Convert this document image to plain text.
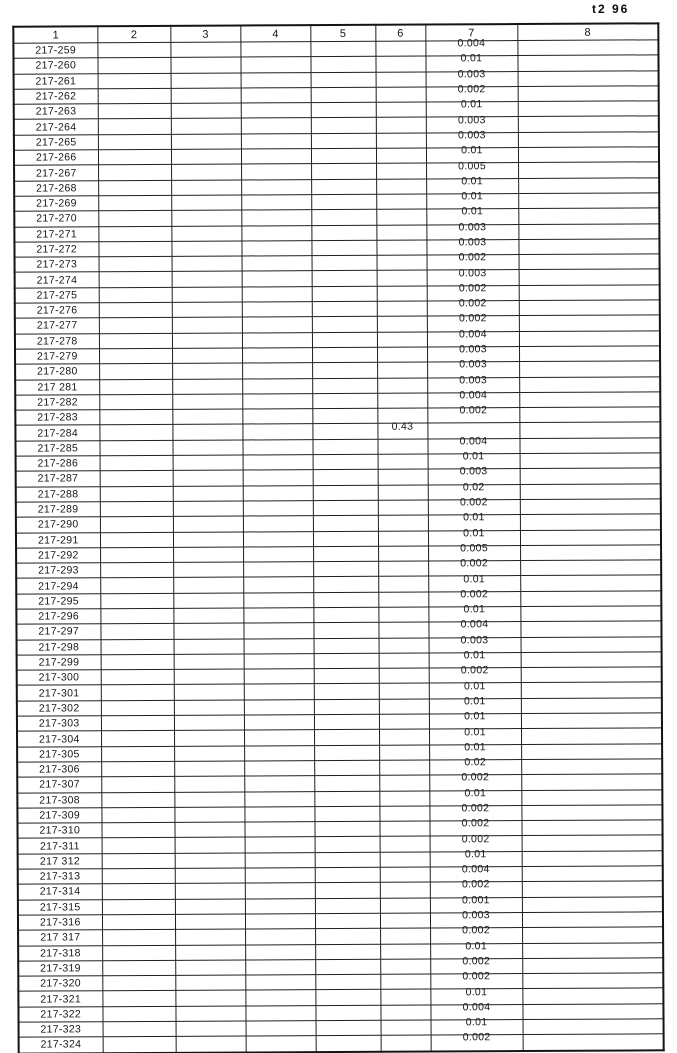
t2 96
1	2	3	4	5	6	7	8
217-259						0.004	

217-260						0.01	

217-261						0.003	

217-262						0.002	

217-263						0.01	

217-264						0.003	

217-265						0.003	

217-266						0.01	

217-267						0.005	

217-268						0.01	

217-269						0.01	

217-270						0.01	

217-271						0.003	

217-272						0.003	

217-273						0.002	

217-274						0.003	

217-275						0.002	

217-276						0.002	

217-277						0.002	

217-278						0.004	

217-279						0.003	

217-280						0.003	

217 281						0.003	

217-282						0.004	

217-283						0.002	

217-284					0.43		

217-285						0.004	

217-286						0.01	

217-287						0.003	

217-288						0.02	

217-289						0.002	

217-290						0.01	

217-291						0.01	

217-292						0.005	

217-293						0.002	

217-294						0.01	

217-295						0.002	

217-296						0.01	

217-297						0.004	

217-298						0.003	

217-299						0.01	

217-300						0.002	

217-301						0.01	

217-302						0.01	

217-303						0.01	

217-304						0.01	

217-305						0.01	

217-306						0.02	

217-307						0.002	

217-308						0.01	

217-309						0.002	

217-310						0.002	

217-311						0.002	

217 312						0.01	

217-313						0.004	

217-314						0.002	

217-315						0.001	

217-316						0.003	

217 317						0.002	

217-318						0.01	

217-319						0.002	

217-320						0.002	

217-321						0.01	

217-322						0.004	

217-323						0.01	

217-324						0.002	
